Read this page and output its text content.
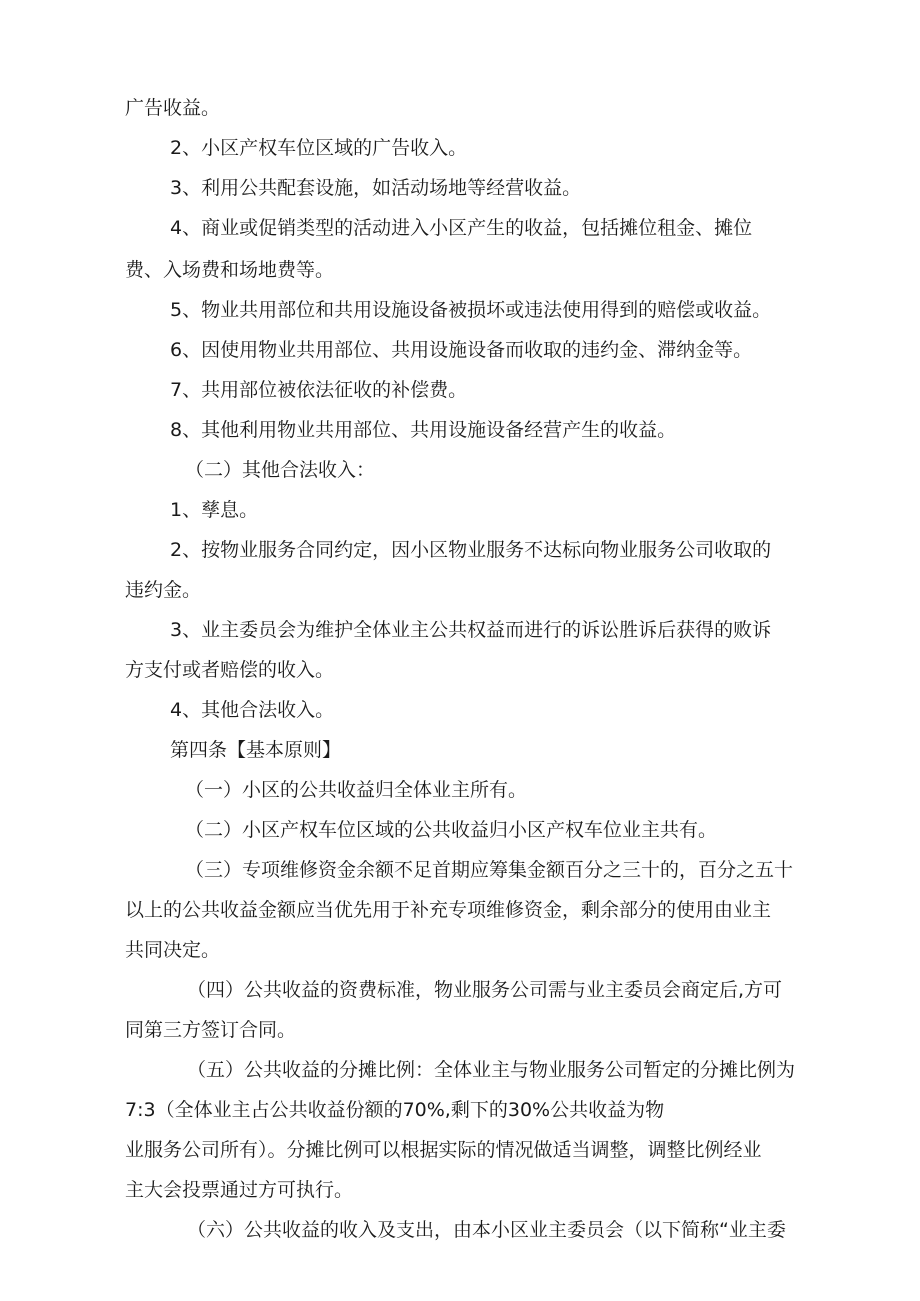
广告收益。
2、小区产权车位区域的广告收入。
3、利用公共配套设施，如活动场地等经营收益。
4、商业或促销类型的活动进入小区产生的收益，包括摊位租金、摊位
费、入场费和场地费等。
5、物业共用部位和共用设施设备被损坏或违法使用得到的赔偿或收益。
6、因使用物业共用部位、共用设施设备而收取的违约金、滞纳金等。
7、共用部位被依法征收的补偿费。
8、其他利用物业共用部位、共用设施设备经营产生的收益。
（二）其他合法收入：
1、孳息。
2、按物业服务合同约定，因小区物业服务不达标向物业服务公司收取的
违约金。
3、业主委员会为维护全体业主公共权益而进行的诉讼胜诉后获得的败诉
方支付或者赔偿的收入。
4、其他合法收入。
第四条【基本原则】
（一）小区的公共收益归全体业主所有。
（二）小区产权车位区域的公共收益归小区产权车位业主共有。
（三）专项维修资金余额不足首期应筹集金额百分之三十的，百分之五十
以上的公共收益金额应当优先用于补充专项维修资金，剩余部分的使用由业主
共同决定。
（四）公共收益的资费标准，物业服务公司需与业主委员会商定后,方可
同第三方签订合同。
（五）公共收益的分摊比例：全体业主与物业服务公司暂定的分摊比例为
7:3（全体业主占公共收益份额的70%,剩下的30%公共收益为物
业服务公司所有）。分摊比例可以根据实际的情况做适当调整，调整比例经业
主大会投票通过方可执行。
（六）公共收益的收入及支出，由本小区业主委员会（以下简称“业主委
